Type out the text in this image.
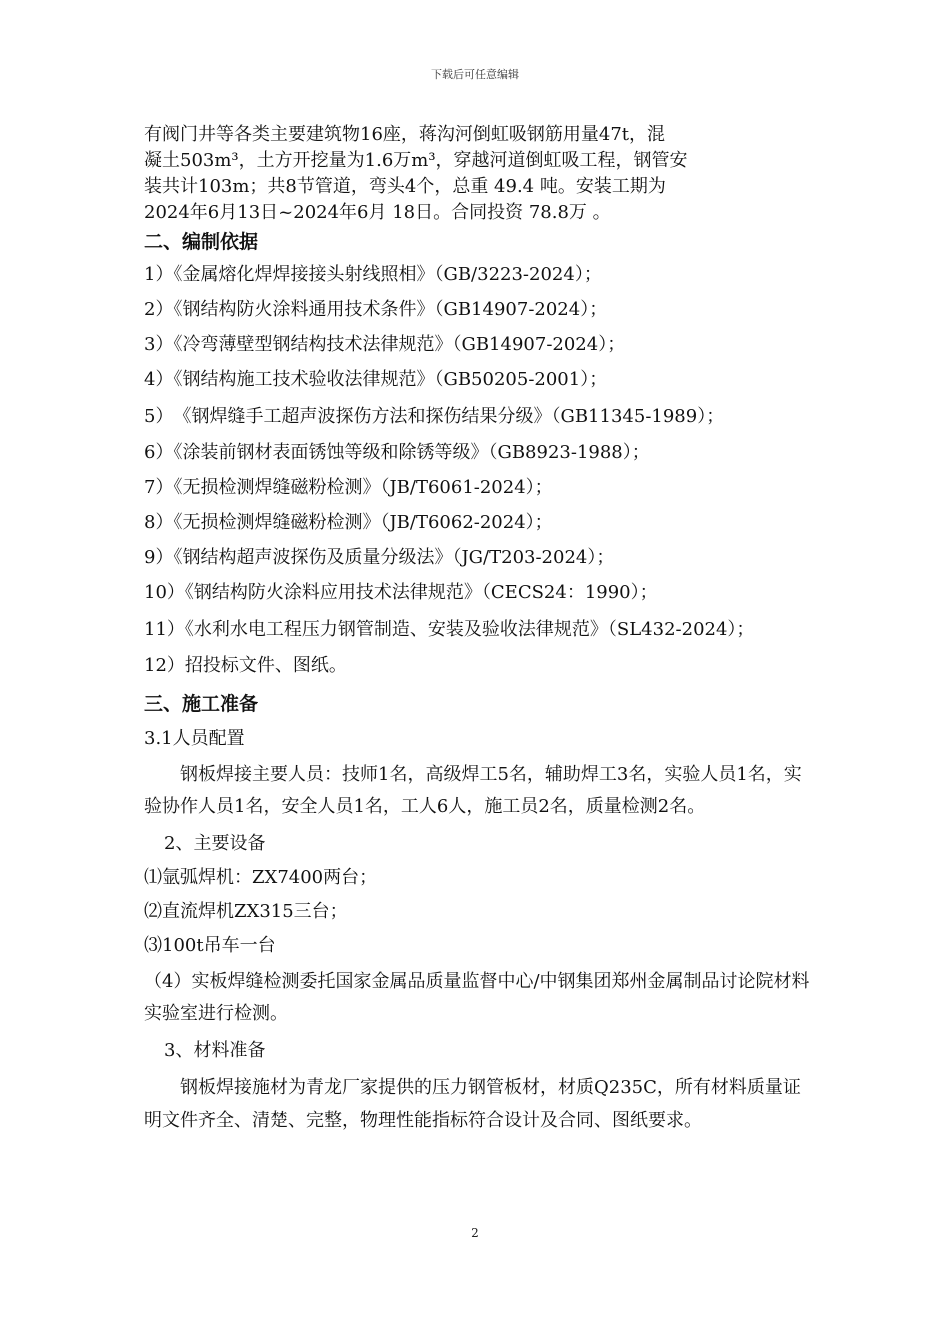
下载后可任意编辑

有阀门井等各类主要建筑物16座，蒋沟河倒虹吸钢筋用量47t，混

凝土503m³，土方开挖量为1.6万m³，穿越河道倒虹吸工程，钢管安

装共计103m；共8节管道，弯头4个，总重 49.4 吨。安装工期为

2024年6月13日~2024年6月 18日。合同投资 78.8万 。

二、编制依据

1）《金属熔化焊焊接接头射线照相》（GB/3223-2024）；

2）《钢结构防火涂料通用技术条件》（GB14907-2024）；

3）《冷弯薄壁型钢结构技术法律规范》（GB14907-2024）；

4）《钢结构施工技术验收法律规范》（GB50205-2001）；

5）　《钢焊缝手工超声波探伤方法和探伤结果分级》（GB11345-1989）；

6）《涂装前钢材表面锈蚀等级和除锈等级》（GB8923-1988）；

7）《无损检测焊缝磁粉检测》（JB/T6061-2024）；

8）《无损检测焊缝磁粉检测》（JB/T6062-2024）；

9）《钢结构超声波探伤及质量分级法》（JG/T203-2024）；

10）《钢结构防火涂料应用技术法律规范》（CECS24：1990）；

11）《水利水电工程压力钢管制造、安装及验收法律规范》（SL432-2024）；

12）招投标文件、图纸。

三、施工准备

3.1人员配置

钢板焊接主要人员：技师1名，高级焊工5名，辅助焊工3名，实验人员1名，实验协作人员1名，安全人员1名，工人6人，施工员2名，质量检测2名。

2、主要设备

⑴氩弧焊机：ZX7400两台；

⑵直流焊机ZX315三台；

⑶100t吊车一台

（4）实板焊缝检测委托国家金属品质量监督中心/中钢集团郑州金属制品讨论院材料实验室进行检测。

3、材料准备

钢板焊接施材为青龙厂家提供的压力钢管板材，材质Q235C，所有材料质量证明文件齐全、清楚、完整，物理性能指标符合设计及合同、图纸要求。

2
